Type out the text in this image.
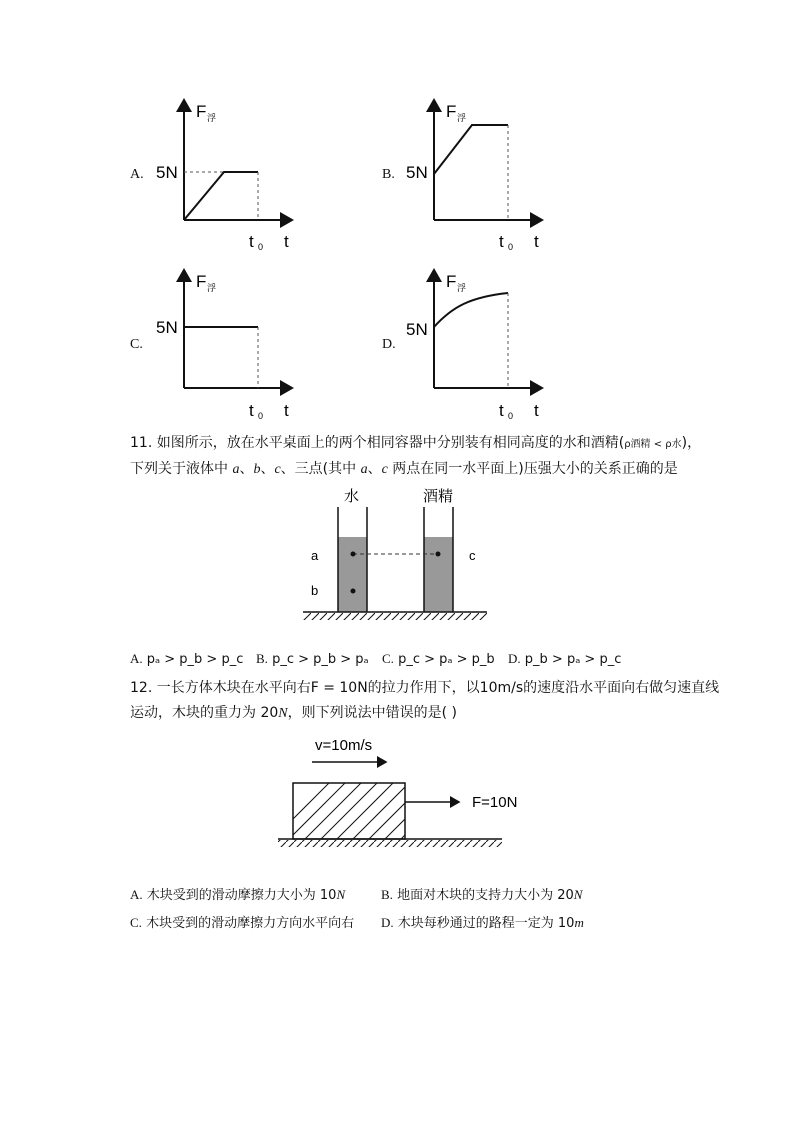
A.
F 浮
5N
t 0 t
B.
F 浮
5N
t 0 t
C.
F 浮
5N
t 0 t
D.
F 浮
5N
t 0 t
11. 如图所示，放在水平桌面上的两个相同容器中分别装有相同高度的水和酒精(ρ酒精 < ρ水)，
下列关于液体中 a、b、c、三点(其中 a、c 两点在同一水平面上)压强大小的关系正确的是
水	酒精
a
b
c
A. pₐ > p_b > p_c B. p_c > p_b > pₐ C. p_c > pₐ > p_b D. p_b > pₐ > p_c
12. 一长方体木块在水平向右F = 10N的拉力作用下，以10m/s的速度沿水平面向右做匀速直线
运动，木块的重力为 20N，则下列说法中错误的是( )
v=10m/s
F=10N
A. 木块受到的滑动摩擦力大小为 10N	B. 地面对木块的支持力大小为 20N
C. 木块受到的滑动摩擦力方向水平向右 D. 木块每秒通过的路程一定为 10m
